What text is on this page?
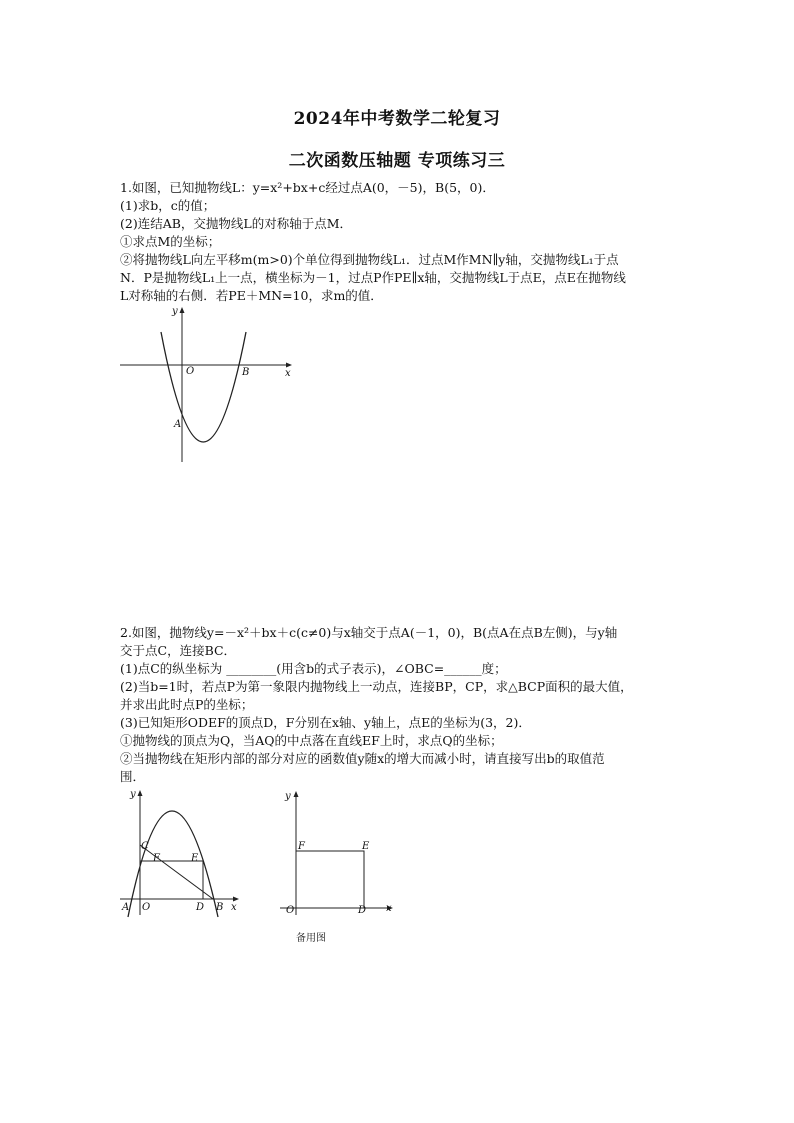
2024年中考数学二轮复习
二次函数压轴题 专项练习三

1.如图，已知抛物线L：y=x²+bx+c经过点A(0，－5)，B(5，0)．

(1)求b，c的值；

(2)连结AB，交抛物线L的对称轴于点M．

①求点M的坐标；

②将抛物线L向左平移m(m>0)个单位得到抛物线L₁．过点M作MN∥y轴，交抛物线L₁于点

N．P是抛物线L₁上一点，横坐标为－1，过点P作PE∥x轴，交抛物线L于点E，点E在抛物线

L对称轴的右侧．若PE＋MN=10，求m的值．

y
x
O	B
A

2.如图，抛物线y=－x²＋bx＋c(c≠0)与x轴交于点A(－1，0)，B(点A在点B左侧)，与y轴

交于点C，连接BC．

(1)点C的纵坐标为 ________(用含b的式子表示)，∠OBC=______度；

(2)当b=1时，若点P为第一象限内抛物线上一动点，连接BP，CP，求△BCP面积的最大值，

并求出此时点P的坐标；

(3)已知矩形ODEF的顶点D，F分别在x轴、y轴上，点E的坐标为(3，2)．

①抛物线的顶点为Q，当AQ的中点落在直线EF上时，求点Q的坐标；

②当抛物线在矩形内部的部分对应的函数值y随x的增大而减小时，请直接写出b的取值范

围．

y
x
C
F	E
A O	D B
y
x
F	E
O	D
备用图
